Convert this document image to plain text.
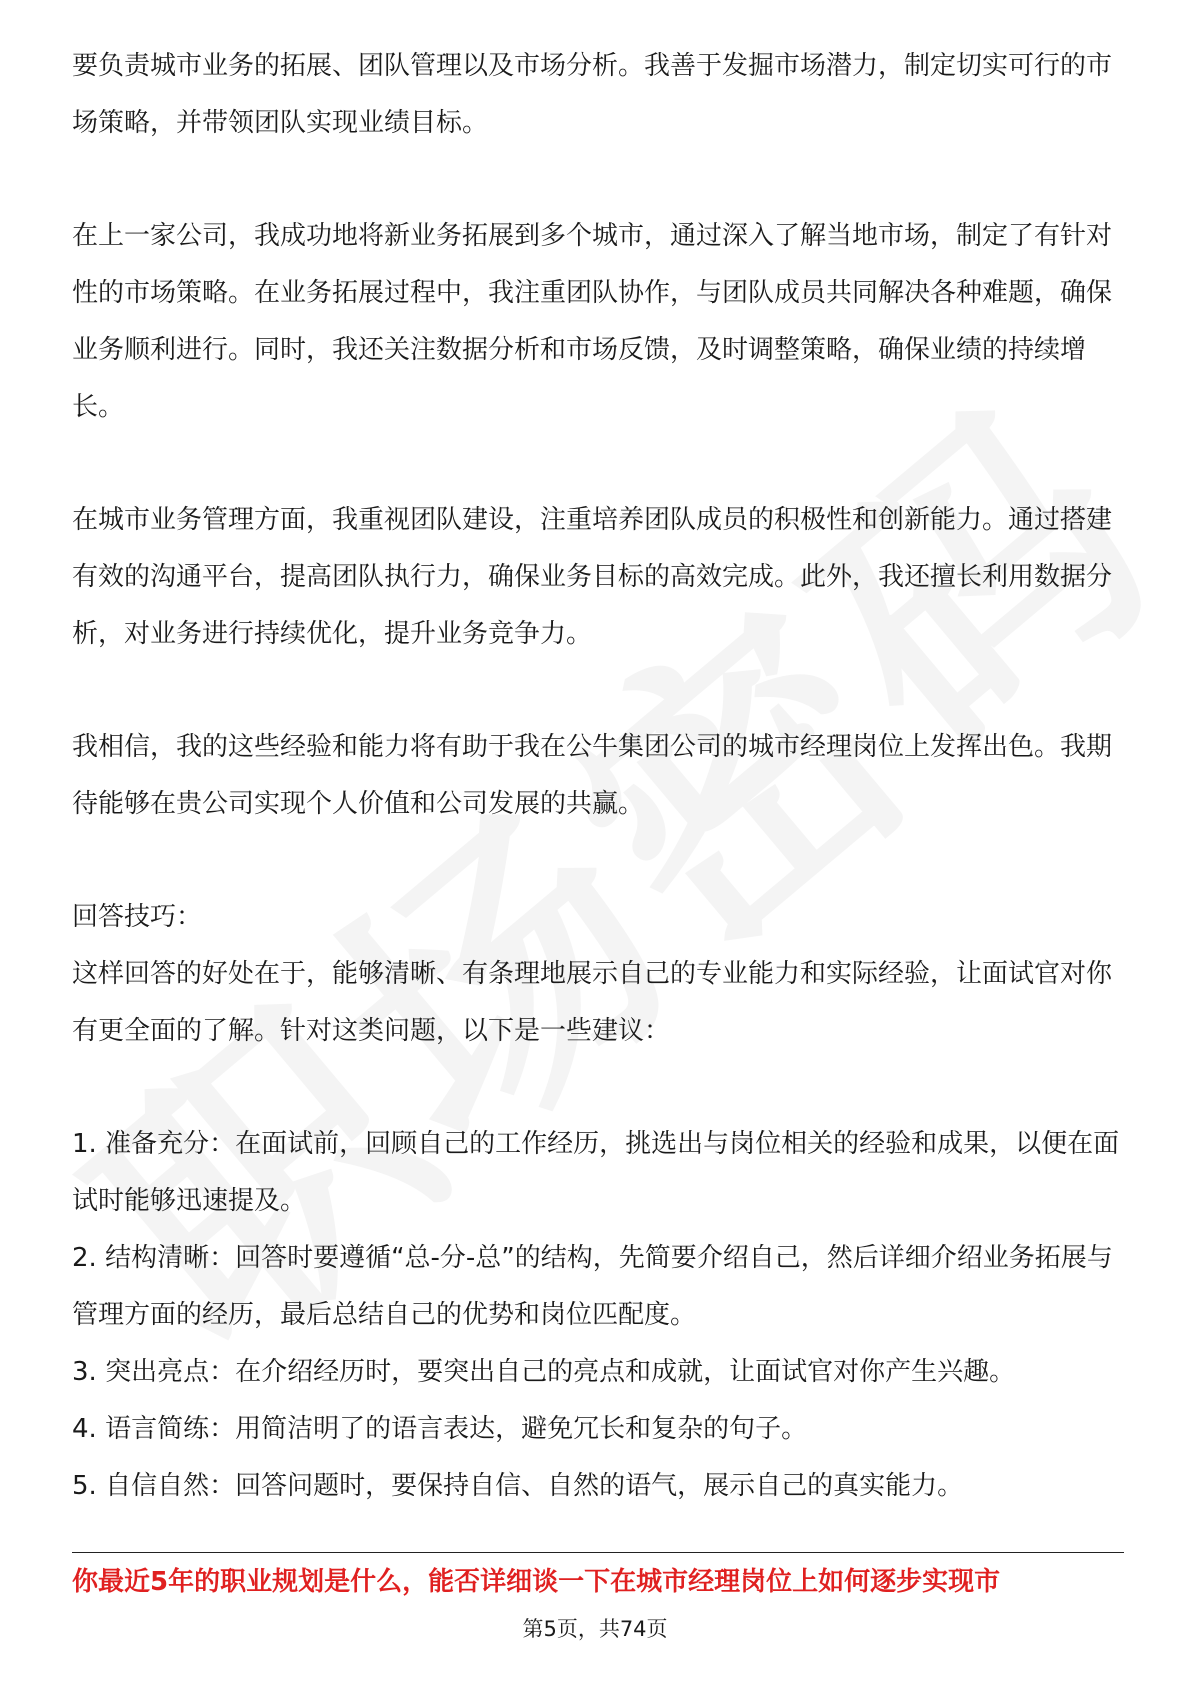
要负责城市业务的拓展、团队管理以及市场分析。我善于发掘市场潜力，制定切实可行的市场策略，并带领团队实现业绩目标。

在上一家公司，我成功地将新业务拓展到多个城市，通过深入了解当地市场，制定了有针对性的市场策略。在业务拓展过程中，我注重团队协作，与团队成员共同解决各种难题，确保业务顺利进行。同时，我还关注数据分析和市场反馈，及时调整策略，确保业绩的持续增长。

在城市业务管理方面，我重视团队建设，注重培养团队成员的积极性和创新能力。通过搭建有效的沟通平台，提高团队执行力，确保业务目标的高效完成。此外，我还擅长利用数据分析，对业务进行持续优化，提升业务竞争力。

我相信，我的这些经验和能力将有助于我在公牛集团公司的城市经理岗位上发挥出色。我期待能够在贵公司实现个人价值和公司发展的共赢。

回答技巧：

这样回答的好处在于，能够清晰、有条理地展示自己的专业能力和实际经验，让面试官对你有更全面的了解。针对这类问题，以下是一些建议：

1. 准备充分：在面试前，回顾自己的工作经历，挑选出与岗位相关的经验和成果，以便在面试时能够迅速提及。

2. 结构清晰：回答时要遵循“总-分-总”的结构，先简要介绍自己，然后详细介绍业务拓展与管理方面的经历，最后总结自己的优势和岗位匹配度。

3. 突出亮点：在介绍经历时，要突出自己的亮点和成就，让面试官对你产生兴趣。

4. 语言简练：用简洁明了的语言表达，避免冗长和复杂的句子。

5. 自信自然：回答问题时，要保持自信、自然的语气，展示自己的真实能力。

你最近5年的职业规划是什么，能否详细谈一下在城市经理岗位上如何逐步实现市
第5页，共74页
